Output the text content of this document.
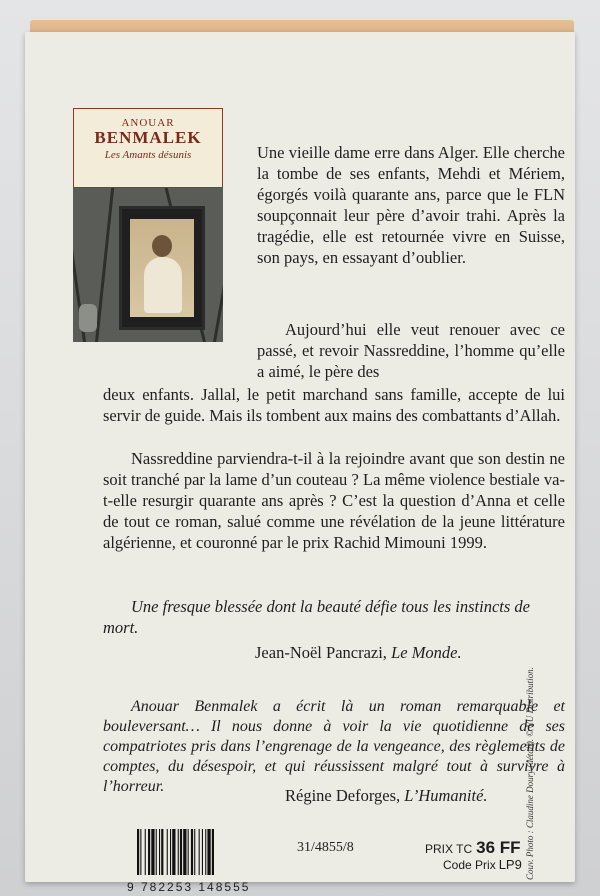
ANOUAR
BENMALEK
Les Amants désunis	Une vieille dame erre dans Alger. Elle cherche la tombe de ses enfants, Mehdi et Mériem, égorgés voilà quarante ans, parce que le FLN soupçonnait leur père d’avoir trahi. Après la tragédie, elle est retournée vivre en Suisse, son pays, en essayant d’oublier.
Aujourd’hui elle veut renouer avec ce passé, et revoir Nassreddine, l’homme qu’elle a aimé, le père des
deux enfants. Jallal, le petit marchand sans famille, accepte de lui servir de guide. Mais ils tombent aux mains des combattants d’Allah.
Nassreddine parviendra-t-il à la rejoindre avant que son destin ne soit tranché par la lame d’un couteau ? La même violence bestiale va-t-elle resurgir quarante ans après ? C’est la question d’Anna et celle de tout ce roman, salué comme une révélation de la jeune littérature algérienne, et couronné par le prix Rachid Mimouni 1999.
Une fresque blessée dont la beauté défie tous les instincts de mort.
Jean-Noël Pancrazi, Le Monde.
Anouar Benmalek a écrit là un roman remarquable et bouleversant… Il nous donne à voir la vie quotidienne de ses compatriotes pris dans l’engrenage de la vengeance, des règlements de comptes, du désespoir, et qui réussissent malgré tout à survivre à l’horreur.	Régine Deforges, L’Humanité.
9 782253 148555
31/4855/8	PRIX TC 36 FF
Code Prix LP9 Couv. Photo : Claudine Doury (détail). © VU Distribution.
